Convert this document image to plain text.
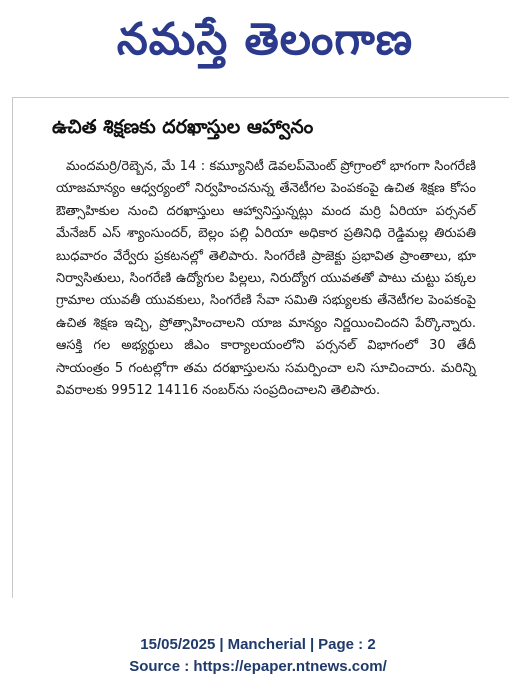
నమస్తే తెలంగాణ
ఉచిత శిక్షణకు దరఖాస్తుల ఆహ్వానం
మందమర్రి/రెబ్బెన, మే 14 : కమ్యూనిటీ డెవలప్‌మెంట్ ప్రోగ్రాంలో భాగంగా సింగరేణి యాజమాన్యం ఆధ్వర్యంలో నిర్వహించనున్న తేనెటీగల పెంపకంపై ఉచిత శిక్షణ కోసం ఔత్సాహికుల నుంచి దరఖాస్తులు ఆహ్వానిస్తున్నట్లు మంద మర్రి ఏరియా పర్సనల్ మేనేజర్ ఎస్ శ్యాంసుందర్, బెల్లం పల్లి ఏరియా అధికార ప్రతినిధి రెడ్డిమల్ల తిరుపతి బుధవారం వేర్వేరు ప్రకటనల్లో తెలిపారు. సింగరేణి ప్రాజెక్టు ప్రభావిత ప్రాంతాలు, భూ నిర్వాసితులు, సింగరేణి ఉద్యోగుల పిల్లలు, నిరుద్యోగ యువతతో పాటు చుట్టు పక్కల గ్రామాల యువతీ యువకులు, సింగరేణి సేవా సమితి సభ్యులకు తేనెటీగల పెంపకంపై ఉచిత శిక్షణ ఇచ్చి, ప్రోత్సాహించాలని యాజ మాన్యం నిర్ణయించిందని పేర్కొన్నారు. ఆసక్తి గల అభ్యర్థులు జీఎం కార్యాలయంలోని పర్సనల్ విభాగంలో 30 తేదీ సాయంత్రం 5 గంటల్లోగా తమ దరఖాస్తులను సమర్పించా లని సూచించారు. మరిన్ని వివరాలకు 99512 14116 నంబర్‌ను సంప్రదించాలని తెలిపారు.
15/05/2025 | Mancherial | Page : 2
Source : https://epaper.ntnews.com/
